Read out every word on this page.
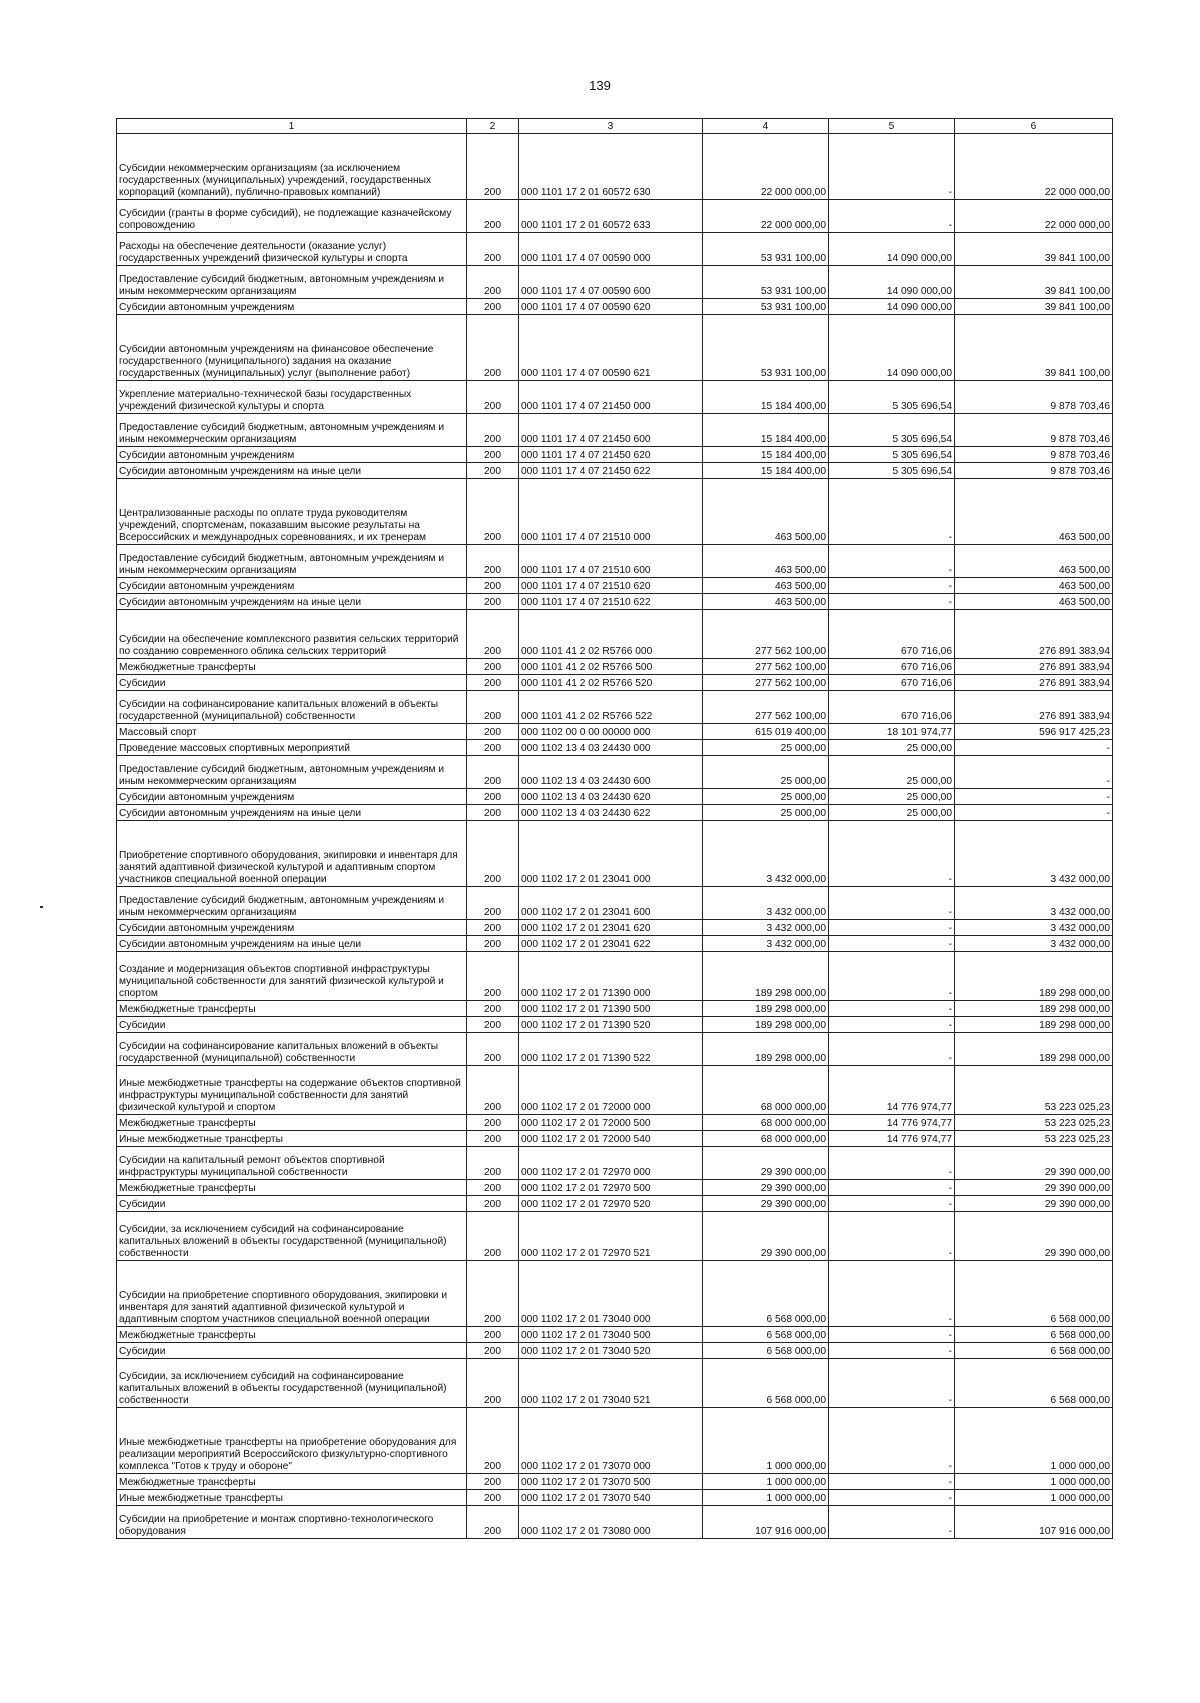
139
1	2	3	4	5	6
Субсидии некоммерческим организациям (за исключением государственных (муниципальных) учреждений, государственных корпораций (компаний), публично-правовых компаний)	200	000 1101 17 2 01 60572 630	22 000 000,00	-	22 000 000,00
Субсидии (гранты в форме субсидий), не подлежащие казначейскому сопровождению	200	000 1101 17 2 01 60572 633	22 000 000,00	-	22 000 000,00
Расходы на обеспечение деятельности (оказание услуг) государственных учреждений физической культуры и спорта	200	000 1101 17 4 07 00590 000	53 931 100,00	14 090 000,00	39 841 100,00
Предоставление субсидий бюджетным, автономным учреждениям и иным некоммерческим организациям	200	000 1101 17 4 07 00590 600	53 931 100,00	14 090 000,00	39 841 100,00
Субсидии автономным учреждениям	200	000 1101 17 4 07 00590 620	53 931 100,00	14 090 000,00	39 841 100,00
Субсидии автономным учреждениям на финансовое обеспечение государственного (муниципального) задания на оказание государственных (муниципальных) услуг (выполнение работ)	200	000 1101 17 4 07 00590 621	53 931 100,00	14 090 000,00	39 841 100,00
Укрепление материально-технической базы государственных учреждений физической культуры и спорта	200	000 1101 17 4 07 21450 000	15 184 400,00	5 305 696,54	9 878 703,46
Предоставление субсидий бюджетным, автономным учреждениям и иным некоммерческим организациям	200	000 1101 17 4 07 21450 600	15 184 400,00	5 305 696,54	9 878 703,46
Субсидии автономным учреждениям	200	000 1101 17 4 07 21450 620	15 184 400,00	5 305 696,54	9 878 703,46
Субсидии автономным учреждениям на иные цели	200	000 1101 17 4 07 21450 622	15 184 400,00	5 305 696,54	9 878 703,46
Централизованные расходы по оплате труда руководителям учреждений, спортсменам, показавшим высокие результаты на Всероссийских и международных соревнованиях, и их тренерам	200	000 1101 17 4 07 21510 000	463 500,00	-	463 500,00
Предоставление субсидий бюджетным, автономным учреждениям и иным некоммерческим организациям	200	000 1101 17 4 07 21510 600	463 500,00	-	463 500,00
Субсидии автономным учреждениям	200	000 1101 17 4 07 21510 620	463 500,00	-	463 500,00
Субсидии автономным учреждениям на иные цели	200	000 1101 17 4 07 21510 622	463 500,00	-	463 500,00
Субсидии на обеспечение комплексного развития сельских территорий по созданию современного облика сельских территорий	200	000 1101 41 2 02 R5766 000	277 562 100,00	670 716,06	276 891 383,94
Межбюджетные трансферты	200	000 1101 41 2 02 R5766 500	277 562 100,00	670 716,06	276 891 383,94
Субсидии	200	000 1101 41 2 02 R5766 520	277 562 100,00	670 716,06	276 891 383,94
Субсидии на софинансирование капитальных вложений в объекты государственной (муниципальной) собственности	200	000 1101 41 2 02 R5766 522	277 562 100,00	670 716,06	276 891 383,94
Массовый спорт	200	000 1102 00 0 00 00000 000	615 019 400,00	18 101 974,77	596 917 425,23
Проведение массовых спортивных мероприятий	200	000 1102 13 4 03 24430 000	25 000,00	25 000,00	-
Предоставление субсидий бюджетным, автономным учреждениям и иным некоммерческим организациям	200	000 1102 13 4 03 24430 600	25 000,00	25 000,00	-
Субсидии автономным учреждениям	200	000 1102 13 4 03 24430 620	25 000,00	25 000,00	-
Субсидии автономным учреждениям на иные цели	200	000 1102 13 4 03 24430 622	25 000,00	25 000,00	-
Приобретение спортивного оборудования, экипировки и инвентаря для занятий адаптивной физической культурой и адаптивным спортом участников специальной военной операции	200	000 1102 17 2 01 23041 000	3 432 000,00	-	3 432 000,00
Предоставление субсидий бюджетным, автономным учреждениям и иным некоммерческим организациям	200	000 1102 17 2 01 23041 600	3 432 000,00	-	3 432 000,00
Субсидии автономным учреждениям	200	000 1102 17 2 01 23041 620	3 432 000,00	-	3 432 000,00
Субсидии автономным учреждениям на иные цели	200	000 1102 17 2 01 23041 622	3 432 000,00	-	3 432 000,00
Создание и модернизация объектов спортивной инфраструктуры муниципальной собственности для занятий физической культурой и спортом	200	000 1102 17 2 01 71390 000	189 298 000,00	-	189 298 000,00
Межбюджетные трансферты	200	000 1102 17 2 01 71390 500	189 298 000,00	-	189 298 000,00
Субсидии	200	000 1102 17 2 01 71390 520	189 298 000,00	-	189 298 000,00
Субсидии на софинансирование капитальных вложений в объекты государственной (муниципальной) собственности	200	000 1102 17 2 01 71390 522	189 298 000,00	-	189 298 000,00
Иные межбюджетные трансферты на содержание объектов спортивной инфраструктуры муниципальной собственности для занятий физической культурой и спортом	200	000 1102 17 2 01 72000 000	68 000 000,00	14 776 974,77	53 223 025,23
Межбюджетные трансферты	200	000 1102 17 2 01 72000 500	68 000 000,00	14 776 974,77	53 223 025,23
Иные межбюджетные трансферты	200	000 1102 17 2 01 72000 540	68 000 000,00	14 776 974,77	53 223 025,23
Субсидии на капитальный ремонт объектов спортивной инфраструктуры муниципальной собственности	200	000 1102 17 2 01 72970 000	29 390 000,00	-	29 390 000,00
Межбюджетные трансферты	200	000 1102 17 2 01 72970 500	29 390 000,00	-	29 390 000,00
Субсидии	200	000 1102 17 2 01 72970 520	29 390 000,00	-	29 390 000,00
Субсидии, за исключением субсидий на софинансирование капитальных вложений в объекты государственной (муниципальной) собственности	200	000 1102 17 2 01 72970 521	29 390 000,00	-	29 390 000,00
Субсидии на приобретение спортивного оборудования, экипировки и инвентаря для занятий адаптивной физической культурой и адаптивным спортом участников специальной военной операции	200	000 1102 17 2 01 73040 000	6 568 000,00	-	6 568 000,00
Межбюджетные трансферты	200	000 1102 17 2 01 73040 500	6 568 000,00	-	6 568 000,00
Субсидии	200	000 1102 17 2 01 73040 520	6 568 000,00	-	6 568 000,00
Субсидии, за исключением субсидий на софинансирование капитальных вложений в объекты государственной (муниципальной) собственности	200	000 1102 17 2 01 73040 521	6 568 000,00	-	6 568 000,00
Иные межбюджетные трансферты на приобретение оборудования для реализации мероприятий Всероссийского физкультурно-спортивного комплекса "Готов к труду и обороне"	200	000 1102 17 2 01 73070 000	1 000 000,00	-	1 000 000,00
Межбюджетные трансферты	200	000 1102 17 2 01 73070 500	1 000 000,00	-	1 000 000,00
Иные межбюджетные трансферты	200	000 1102 17 2 01 73070 540	1 000 000,00	-	1 000 000,00
Субсидии на приобретение и монтаж спортивно-технологического оборудования	200	000 1102 17 2 01 73080 000	107 916 000,00	-	107 916 000,00
